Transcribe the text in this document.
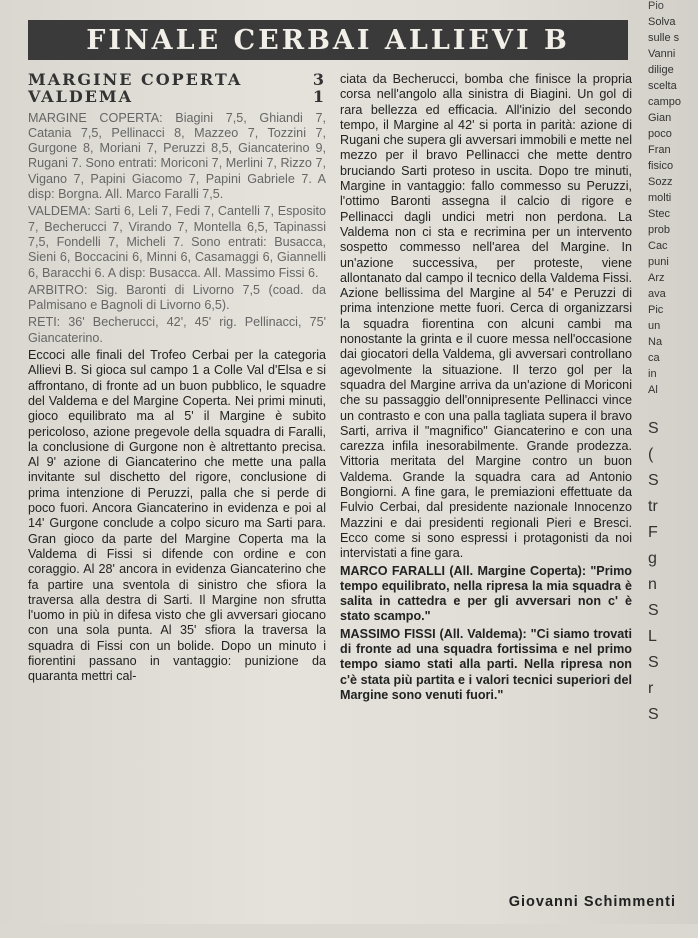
Pio
FINALE CERBAI ALLIEVI B
MARGINE COPERTA	3
VALDEMA	1

MARGINE COPERTA: Biagini 7,5, Ghiandi 7, Catania 7,5, Pellinacci 8, Mazzeo 7, Tozzini 7, Gurgone 8, Moriani 7, Peruzzi 8,5, Giancaterino 9, Rugani 7. Sono entrati: Moriconi 7, Merlini 7, Rizzo 7, Vigano 7, Papini Giacomo 7, Papini Gabriele 7. A disp: Borgna. All. Marco Faralli 7,5.

VALDEMA: Sarti 6, Leli 7, Fedi 7, Cantelli 7, Esposito 7, Becherucci 7, Virando 7, Montella 6,5, Tapinassi 7,5, Fondelli 7, Micheli 7. Sono entrati: Busacca, Sieni 6, Boccacini 6, Minni 6, Casamaggi 6, Giannelli 6, Baracchi 6. A disp: Busacca. All. Massimo Fissi 6.

ARBITRO: Sig. Baronti di Livorno 7,5 (coad. da Palmisano e Bagnoli di Livorno 6,5).

RETI: 36' Becherucci, 42', 45' rig. Pellinacci, 75' Giancaterino.

Eccoci alle finali del Trofeo Cerbai per la categoria Allievi B. Si gioca sul campo 1 a Colle Val d'Elsa e si affrontano, di fronte ad un buon pubblico, le squadre del Valdema e del Margine Coperta. Nei primi minuti, gioco equilibrato ma al 5' il Margine è subito pericoloso, azione pregevole della squadra di Faralli, la conclusione di Gurgone non è altrettanto precisa. Al 9' azione di Giancaterino che mette una palla invitante sul dischetto del rigore, conclusione di prima intenzione di Peruzzi, palla che si perde di poco fuori. Ancora Giancaterino in evidenza e poi al 14' Gurgone conclude a colpo sicuro ma Sarti para. Gran gioco da parte del Margine Coperta ma la Valdema di Fissi si difende con ordine e con coraggio. Al 28' ancora in evidenza Giancaterino che fa partire una sventola di sinistro che sfiora la traversa alla destra di Sarti. Il Margine non sfrutta l'uomo in più in difesa visto che gli avversari giocano con una sola punta. Al 35' sfiora la traversa la squadra di Fissi con un bolide. Dopo un minuto i fiorentini passano in vantaggio: punizione da quaranta mettri cal-

ciata da Becherucci, bomba che finisce la propria corsa nell'angolo alla sinistra di Biagini. Un gol di rara bellezza ed efficacia. All'inizio del secondo tempo, il Margine al 42' si porta in parità: azione di Rugani che supera gli avversari immobili e mette nel mezzo per il bravo Pellinacci che mette dentro bruciando Sarti proteso in uscita. Dopo tre minuti, Margine in vantaggio: fallo commesso su Peruzzi, l'ottimo Baronti assegna il calcio di rigore e Pellinacci dagli undici metri non perdona. La Valdema non ci sta e recrimina per un intervento sospetto commesso nell'area del Margine. In un'azione successiva, per proteste, viene allontanato dal campo il tecnico della Valdema Fissi. Azione bellissima del Margine al 54' e Peruzzi di prima intenzione mette fuori. Cerca di organizzarsi la squadra fiorentina con alcuni cambi ma nonostante la grinta e il cuore messa nell'occasione dai giocatori della Valdema, gli avversari controllano agevolmente la situazione. Il terzo gol per la squadra del Margine arriva da un'azione di Moriconi che su passaggio dell'onnipresente Pellinacci vince un contrasto e con una palla tagliata supera il bravo Sarti, arriva il "magnifico" Giancaterino e con una carezza infila inesorabilmente. Grande prodezza. Vittoria meritata del Margine contro un buon Valdema. Grande la squadra cara ad Antonio Bongiorni. A fine gara, le premiazioni effettuate da Fulvio Cerbai, dal presidente nazionale Innocenzo Mazzini e dai presidenti regionali Pieri e Bresci. Ecco come si sono espressi i protagonisti da noi intervistati a fine gara.

MARCO FARALLI (All. Margine Coperta): "Primo tempo equilibrato, nella ripresa la mia squadra è salita in cattedra e per gli avversari non c' è stato scampo."

MASSIMO FISSI (All. Valdema): "Ci siamo trovati di fronte ad una squadra fortissima e nel primo tempo siamo stati alla parti. Nella ripresa non c'è stata più partita e i valori tecnici superiori del Margine sono venuti fuori."

Giovanni Schimmenti
Solva
sulle s
Vanni
dilige
scelta
campo
Gian
poco
Fran
fisico
Sozz
molti
Stec
prob
Cac
puni
Arz
ava
Pic
un
Na
ca
in
Al
S
(
S
tr
F
g
n
S
L
S
r
S
